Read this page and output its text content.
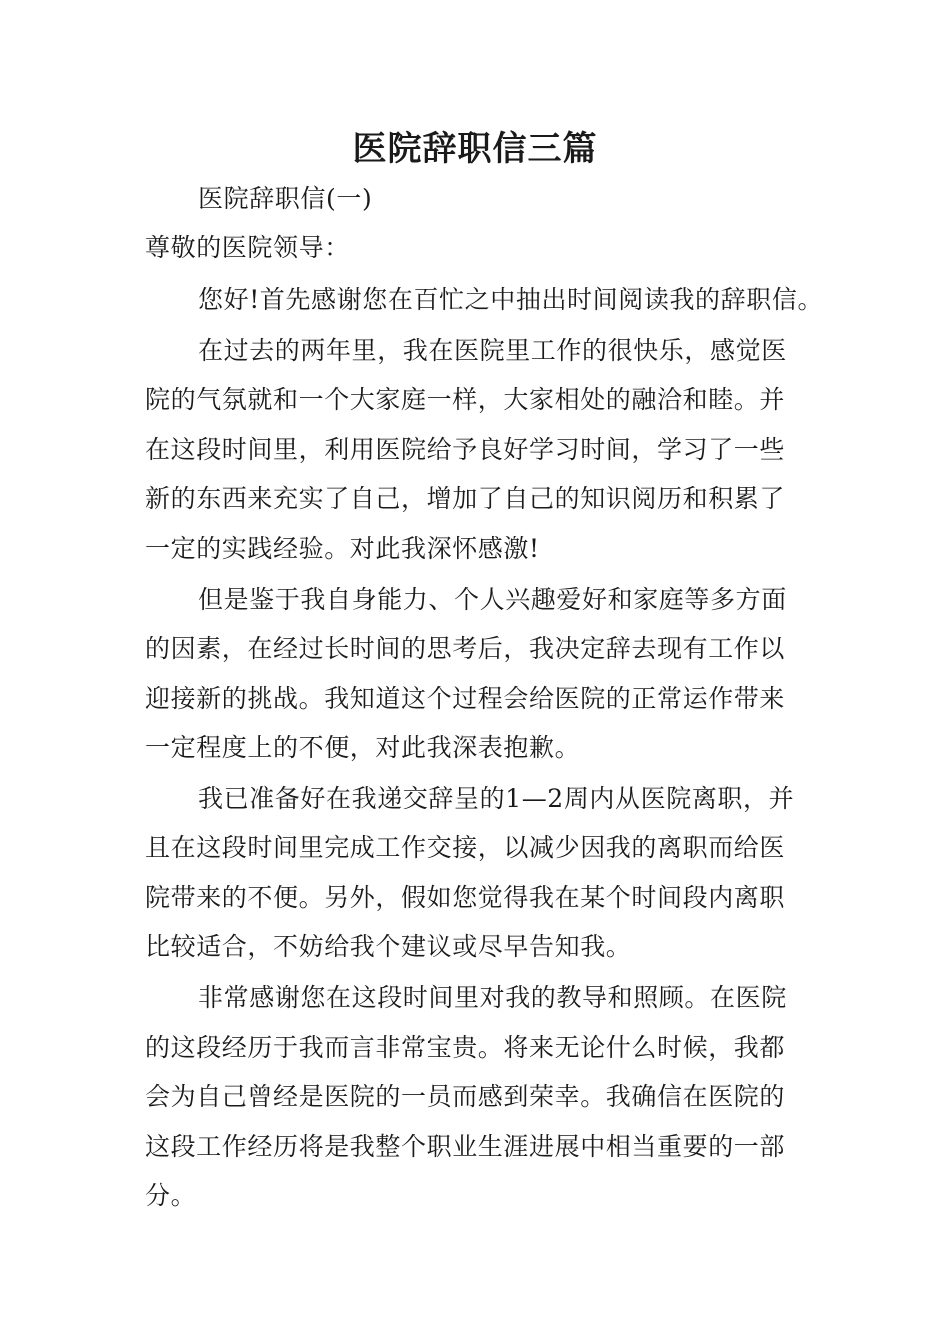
医院辞职信三篇
医院辞职信(一)
尊敬的医院领导：
您好!首先感谢您在百忙之中抽出时间阅读我的辞职信。
在过去的两年里，我在医院里工作的很快乐，感觉医
院的气氛就和一个大家庭一样，大家相处的融洽和睦。并
在这段时间里，利用医院给予良好学习时间，学习了一些
新的东西来充实了自己，增加了自己的知识阅历和积累了
一定的实践经验。对此我深怀感激!
但是鉴于我自身能力、个人兴趣爱好和家庭等多方面
的因素，在经过长时间的思考后，我决定辞去现有工作以
迎接新的挑战。我知道这个过程会给医院的正常运作带来
一定程度上的不便，对此我深表抱歉。
我已准备好在我递交辞呈的1—2周内从医院离职，并
且在这段时间里完成工作交接，以减少因我的离职而给医
院带来的不便。另外，假如您觉得我在某个时间段内离职
比较适合，不妨给我个建议或尽早告知我。
非常感谢您在这段时间里对我的教导和照顾。在医院
的这段经历于我而言非常宝贵。将来无论什么时候，我都
会为自己曾经是医院的一员而感到荣幸。我确信在医院的
这段工作经历将是我整个职业生涯进展中相当重要的一部
分。
